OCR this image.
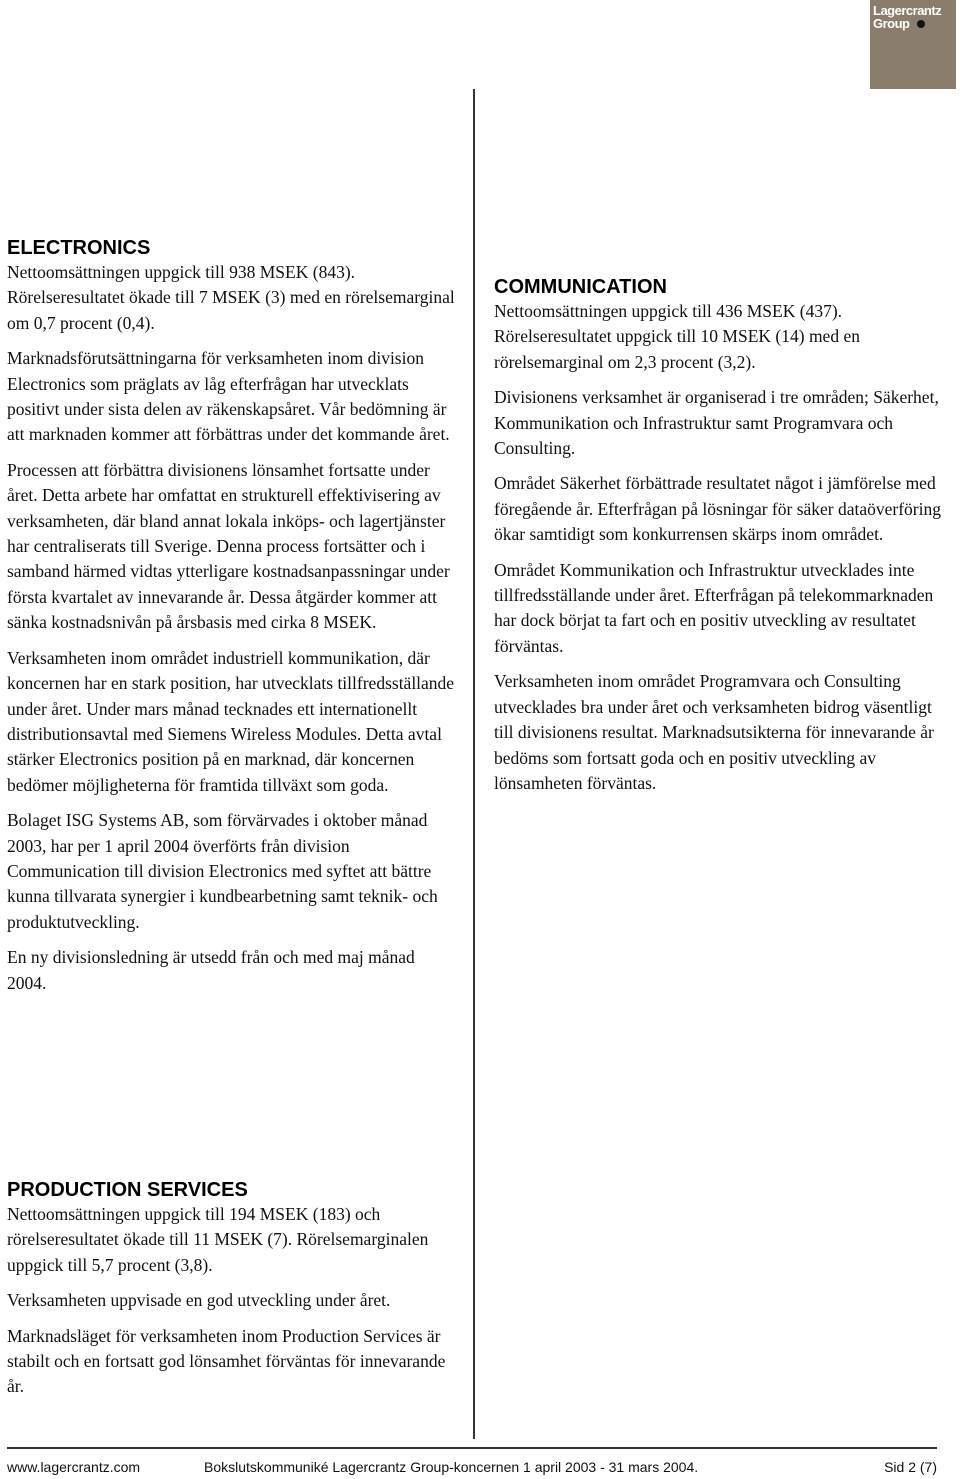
Lagercrantz
Group
ELECTRONICS

Nettoomsättningen uppgick till 938 MSEK (843). Rörelseresultatet ökade till 7 MSEK (3) med en rörelsemarginal om 0,7 procent (0,4).

Marknadsförutsättningarna för verksamheten inom division Electronics som präglats av låg efterfrågan har utvecklats positivt under sista delen av räkenskapsåret. Vår bedömning är att marknaden kommer att förbättras under det kommande året.

Processen att förbättra divisionens lönsamhet fortsatte under året. Detta arbete har omfattat en strukturell effektivisering av verksamheten, där bland annat lokala inköps- och lagertjänster har centraliserats till Sverige. Denna process fortsätter och i samband härmed vidtas ytterligare kostnadsanpassningar under första kvartalet av innevarande år. Dessa åtgärder kommer att sänka kostnadsnivån på årsbasis med cirka 8 MSEK.

Verksamheten inom området industriell kommunikation, där koncernen har en stark position, har utvecklats tillfredsställande under året. Under mars månad tecknades ett internationellt distributionsavtal med Siemens Wireless Modules. Detta avtal stärker Electronics position på en marknad, där koncernen bedömer möjligheterna för framtida tillväxt som goda.

Bolaget ISG Systems AB, som förvärvades i oktober månad 2003, har per 1 april 2004 överförts från division Communication till division Electronics med syftet att bättre kunna tillvarata synergier i kundbearbetning samt teknik- och produktutveckling.

En ny divisionsledning är utsedd från och med maj månad 2004.

COMMUNICATION

Nettoomsättningen uppgick till 436 MSEK (437). Rörelseresultatet uppgick till 10 MSEK (14) med en rörelsemarginal om 2,3 procent (3,2).

Divisionens verksamhet är organiserad i tre områden; Säkerhet, Kommunikation och Infrastruktur samt Programvara och Consulting.

Området Säkerhet förbättrade resultatet något i jämförelse med föregående år. Efterfrågan på lösningar för säker dataöverföring ökar samtidigt som konkurrensen skärps inom området.

Området Kommunikation och Infrastruktur utvecklades inte tillfredsställande under året. Efterfrågan på telekommarknaden har dock börjat ta fart och en positiv utveckling av resultatet förväntas.

Verksamheten inom området Programvara och Consulting utvecklades bra under året och verksamheten bidrog väsentligt till divisionens resultat. Marknadsutsikterna för innevarande år bedöms som fortsatt goda och en positiv utveckling av lönsamheten förväntas.

PRODUCTION SERVICES

Nettoomsättningen uppgick till 194 MSEK (183) och rörelseresultatet ökade till 11 MSEK (7). Rörelsemarginalen uppgick till 5,7 procent (3,8).

Verksamheten uppvisade en god utveckling under året.

Marknadsläget för verksamheten inom Production Services är stabilt och en fortsatt god lönsamhet förväntas för innevarande år.

www.lagercrantz.com	Bokslutskommuniké Lagercrantz Group-koncernen 1 april 2003 - 31 mars 2004.	Sid 2 (7)
